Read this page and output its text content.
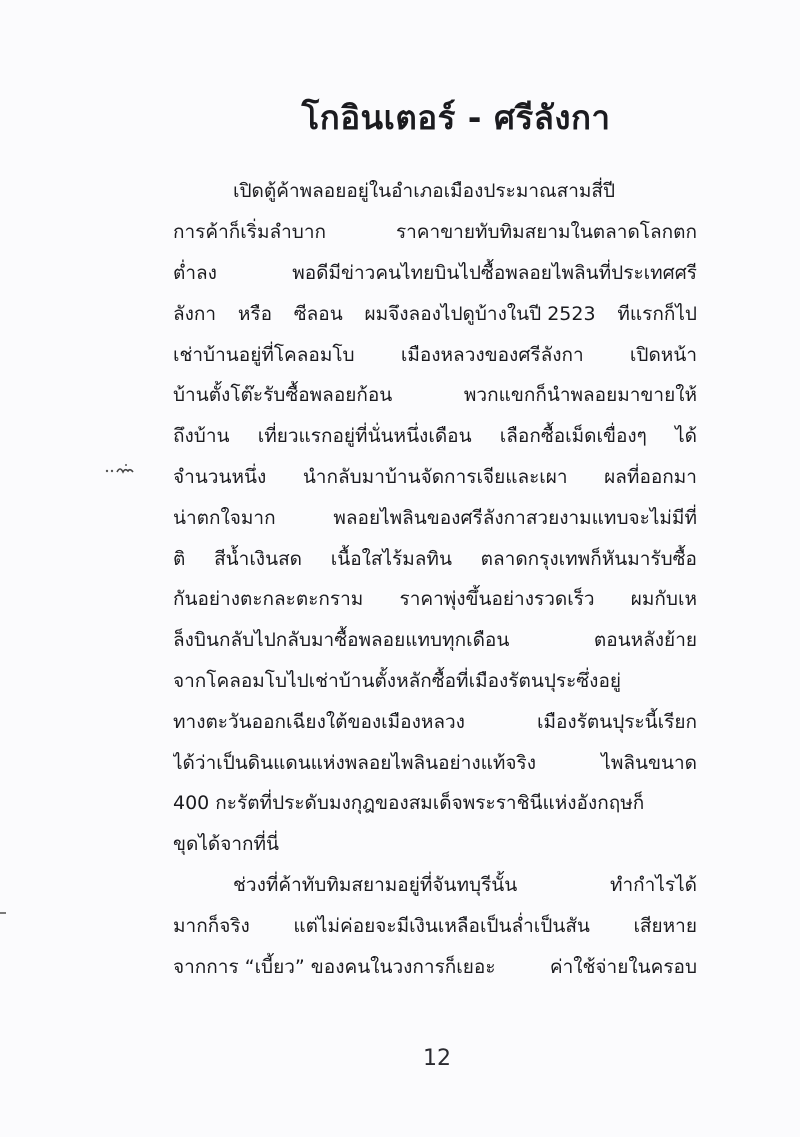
โกอินเตอร์ - ศรีลังกา
เปิดตู้ค้าพลอยอยู่ในอำเภอเมืองประมาณสามสี่ปี
การค้าก็เริ่มลำบาก	ราคาขายทับทิมสยามในตลาดโลกตก
ต่ำลง	พอดีมีข่าวคนไทยบินไปซื้อพลอยไพลินที่ประเทศศรี
ลังกา หรือ ซีลอน ผมจึงลองไปดูบ้างในปี 2523 ทีแรกก็ไป
เช่าบ้านอยู่ที่โคลอมโบ เมืองหลวงของศรีลังกา เปิดหน้า
บ้านตั้งโต๊ะรับซื้อพลอยก้อน	พวกแขกก็นำพลอยมาขายให้
ถึงบ้าน เที่ยวแรกอยู่ที่นั่นหนึ่งเดือน เลือกซื้อเม็ดเขื่องๆ ได้
จำนวนหนึ่ง นำกลับมาบ้านจัดการเจียและเผา ผลที่ออกมา
น่าตกใจมาก	พลอยไพลินของศรีลังกาสวยงามแทบจะไม่มีที่
ติ สีน้ำเงินสด เนื้อใสไร้มลทิน ตลาดกรุงเทพก็หันมารับซื้อ
กันอย่างตะกละตะกราม ราคาพุ่งขึ้นอย่างรวดเร็ว ผมกับเห
ล็งบินกลับไปกลับมาซื้อพลอยแทบทุกเดือน	ตอนหลังย้าย
จากโคลอมโบไปเช่าบ้านตั้งหลักซื้อที่เมืองรัตนปุระซึ่งอยู่
ทางตะวันออกเฉียงใต้ของเมืองหลวง	เมืองรัตนปุระนี้เรียก
ได้ว่าเป็นดินแดนแห่งพลอยไพลินอย่างแท้จริง	ไพลินขนาด
400 กะรัตที่ประดับมงกุฎของสมเด็จพระราชินีแห่งอังกฤษก็
ขุดได้จากที่นี่
ช่วงที่ค้าทับทิมสยามอยู่ที่จันทบุรีนั้น	ทำกำไรได้
มากก็จริง แต่ไม่ค่อยจะมีเงินเหลือเป็นล่ำเป็นสัน เสียหาย
จากการ “เบี้ยว” ของคนในวงการก็เยอะ	ค่าใช้จ่ายในครอบ
12
